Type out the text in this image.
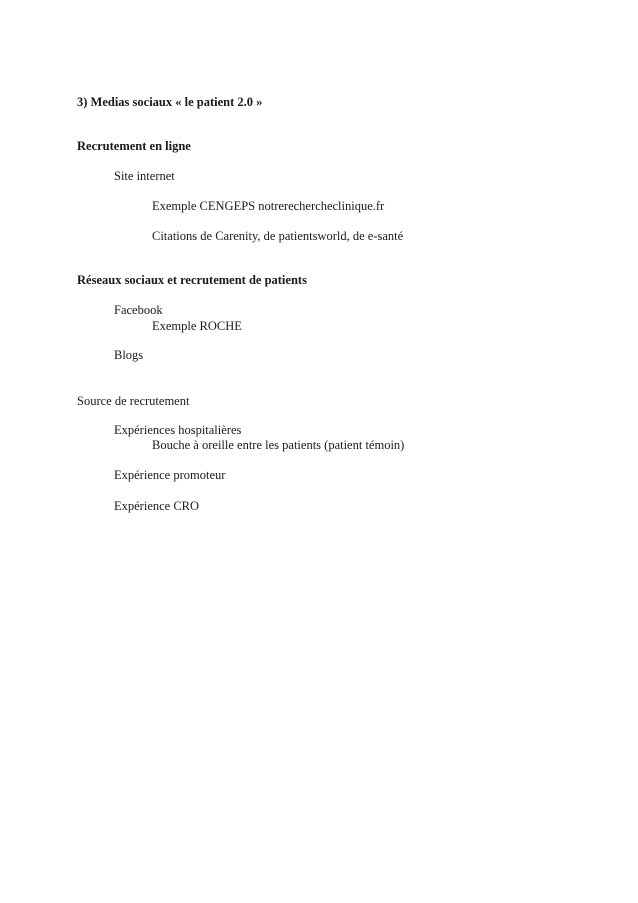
3) Medias sociaux « le patient 2.0 »
Recrutement en ligne
Site internet
Exemple CENGEPS notrerechercheclinique.fr
Citations de Carenity, de patientsworld, de e-santé
Réseaux sociaux et recrutement de patients
Facebook
Exemple ROCHE
Blogs
Source de recrutement
Expériences hospitalières
Bouche à oreille entre les patients (patient témoin)
Expérience promoteur
Expérience CRO
